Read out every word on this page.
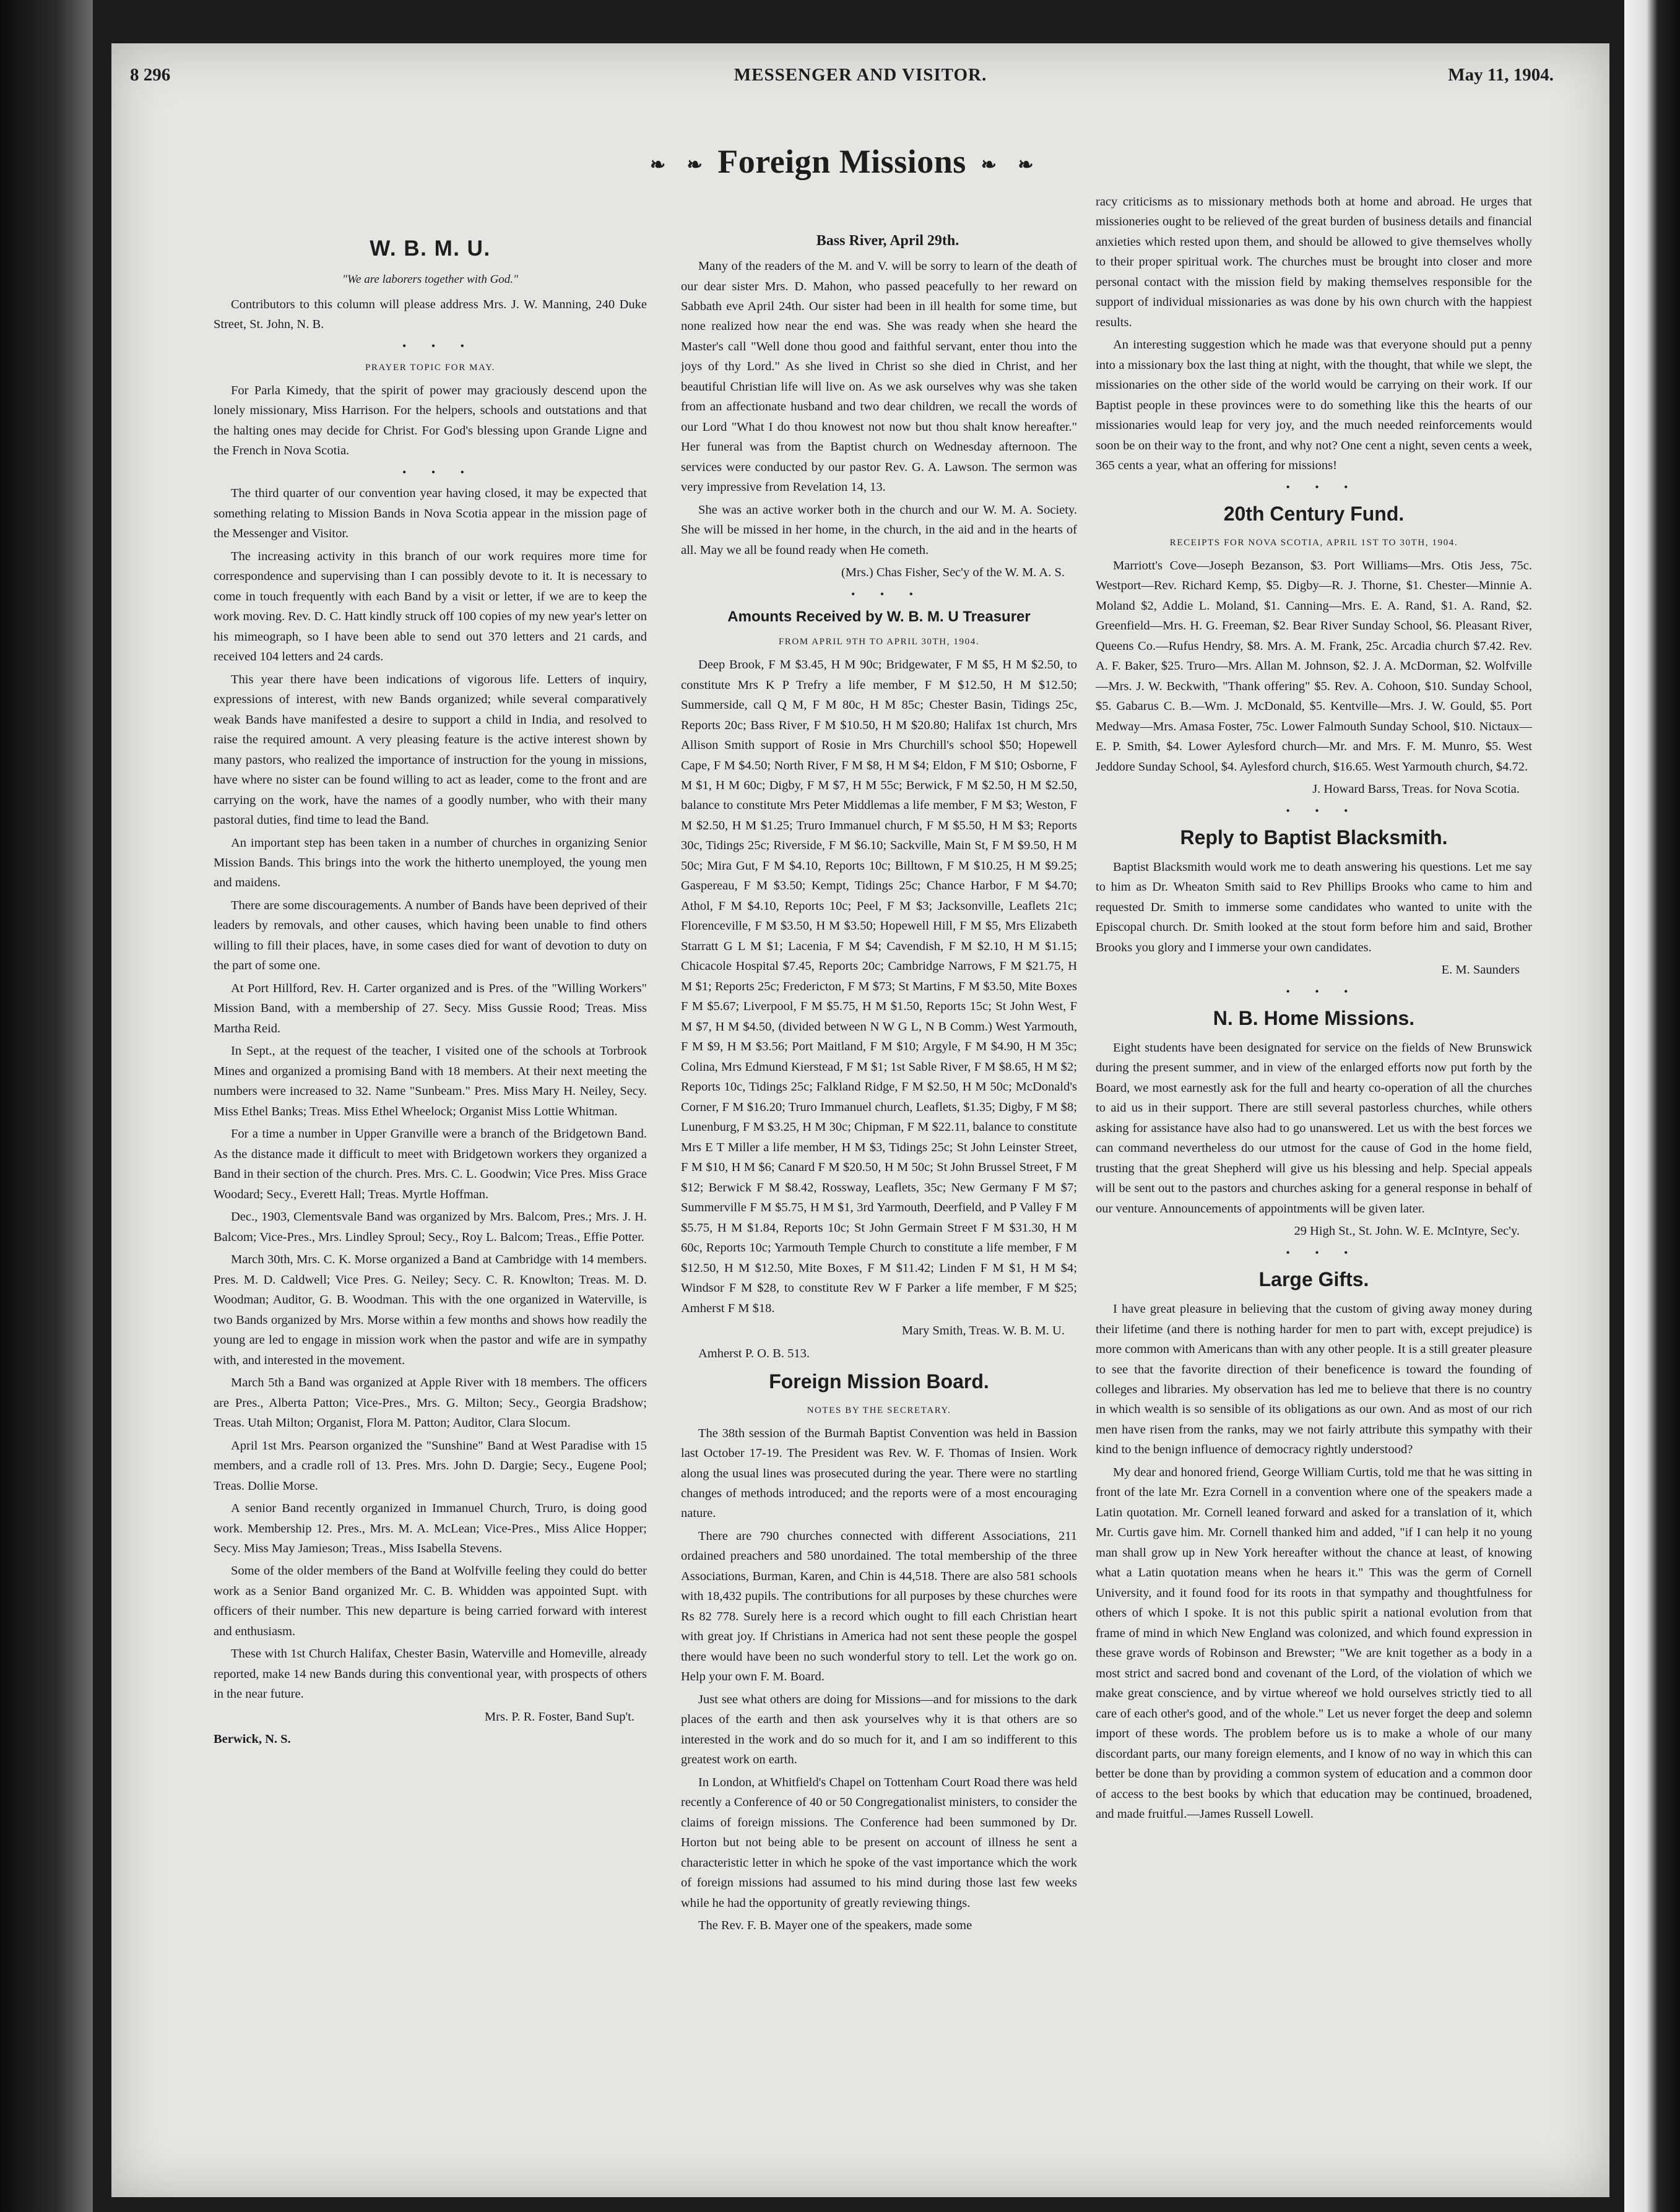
8 296	MESSENGER AND VISITOR.	May 11, 1904.
❧ ❧ Foreign Missions ❧ ❧
W. B. M. U.

"We are laborers together with God."

Contributors to this column will please address Mrs. J. W. Manning, 240 Duke Street, St. John, N. B.

• • •

PRAYER TOPIC FOR MAY.

For Parla Kimedy, that the spirit of power may graciously descend upon the lonely missionary, Miss Harrison. For the helpers, schools and outstations and that the halting ones may decide for Christ. For God's blessing upon Grande Ligne and the French in Nova Scotia.

• • •

The third quarter of our convention year having closed, it may be expected that something relating to Mission Bands in Nova Scotia appear in the mission page of the Messenger and Visitor.

The increasing activity in this branch of our work requires more time for correspondence and supervising than I can possibly devote to it. It is necessary to come in touch frequently with each Band by a visit or letter, if we are to keep the work moving. Rev. D. C. Hatt kindly struck off 100 copies of my new year's letter on his mimeograph, so I have been able to send out 370 letters and 21 cards, and received 104 letters and 24 cards.

This year there have been indications of vigorous life. Letters of inquiry, expressions of interest, with new Bands organized; while several comparatively weak Bands have manifested a desire to support a child in India, and resolved to raise the required amount. A very pleasing feature is the active interest shown by many pastors, who realized the importance of instruction for the young in missions, have where no sister can be found willing to act as leader, come to the front and are carrying on the work, have the names of a goodly number, who with their many pastoral duties, find time to lead the Band.

An important step has been taken in a number of churches in organizing Senior Mission Bands. This brings into the work the hitherto unemployed, the young men and maidens.

There are some discouragements. A number of Bands have been deprived of their leaders by removals, and other causes, which having been unable to find others willing to fill their places, have, in some cases died for want of devotion to duty on the part of some one.

At Port Hillford, Rev. H. Carter organized and is Pres. of the "Willing Workers" Mission Band, with a membership of 27. Secy. Miss Gussie Rood; Treas. Miss Martha Reid.

In Sept., at the request of the teacher, I visited one of the schools at Torbrook Mines and organized a promising Band with 18 members. At their next meeting the numbers were increased to 32. Name "Sunbeam." Pres. Miss Mary H. Neiley, Secy. Miss Ethel Banks; Treas. Miss Ethel Wheelock; Organist Miss Lottie Whitman.

For a time a number in Upper Granville were a branch of the Bridgetown Band. As the distance made it difficult to meet with Bridgetown workers they organized a Band in their section of the church. Pres. Mrs. C. L. Goodwin; Vice Pres. Miss Grace Woodard; Secy., Everett Hall; Treas. Myrtle Hoffman.

Dec., 1903, Clementsvale Band was organized by Mrs. Balcom, Pres.; Mrs. J. H. Balcom; Vice-Pres., Mrs. Lindley Sproul; Secy., Roy L. Balcom; Treas., Effie Potter.

March 30th, Mrs. C. K. Morse organized a Band at Cambridge with 14 members. Pres. M. D. Caldwell; Vice Pres. G. Neiley; Secy. C. R. Knowlton; Treas. M. D. Woodman; Auditor, G. B. Woodman. This with the one organized in Waterville, is two Bands organized by Mrs. Morse within a few months and shows how readily the young are led to engage in mission work when the pastor and wife are in sympathy with, and interested in the movement.

March 5th a Band was organized at Apple River with 18 members. The officers are Pres., Alberta Patton; Vice-Pres., Mrs. G. Milton; Secy., Georgia Bradshow; Treas. Utah Milton; Organist, Flora M. Patton; Auditor, Clara Slocum.

April 1st Mrs. Pearson organized the "Sunshine" Band at West Paradise with 15 members, and a cradle roll of 13. Pres. Mrs. John D. Dargie; Secy., Eugene Pool; Treas. Dollie Morse.

A senior Band recently organized in Immanuel Church, Truro, is doing good work. Membership 12. Pres., Mrs. M. A. McLean; Vice-Pres., Miss Alice Hopper; Secy. Miss May Jamieson; Treas., Miss Isabella Stevens.

Some of the older members of the Band at Wolfville feeling they could do better work as a Senior Band organized Mr. C. B. Whidden was appointed Supt. with officers of their number. This new departure is being carried forward with interest and enthusiasm.

These with 1st Church Halifax, Chester Basin, Waterville and Homeville, already reported, make 14 new Bands during this conventional year, with prospects of others in the near future.

Mrs. P. R. Foster, Band Sup't.

Berwick, N. S.

Bass River, April 29th.

Many of the readers of the M. and V. will be sorry to learn of the death of our dear sister Mrs. D. Mahon, who passed peacefully to her reward on Sabbath eve April 24th. Our sister had been in ill health for some time, but none realized how near the end was. She was ready when she heard the Master's call "Well done thou good and faithful servant, enter thou into the joys of thy Lord." As she lived in Christ so she died in Christ, and her beautiful Christian life will live on. As we ask ourselves why was she taken from an affectionate husband and two dear children, we recall the words of our Lord "What I do thou knowest not now but thou shalt know hereafter." Her funeral was from the Baptist church on Wednesday afternoon. The services were conducted by our pastor Rev. G. A. Lawson. The sermon was very impressive from Revelation 14, 13.

She was an active worker both in the church and our W. M. A. Society. She will be missed in her home, in the church, in the aid and in the hearts of all. May we all be found ready when He cometh.

(Mrs.) Chas Fisher, Sec'y of the W. M. A. S.

• • •

Amounts Received by W. B. M. U Treasurer

FROM APRIL 9TH TO APRIL 30TH, 1904.

Deep Brook, F M $3.45, H M 90c; Bridgewater, F M $5, H M $2.50, to constitute Mrs K P Trefry a life member, F M $12.50, H M $12.50; Summerside, call Q M, F M 80c, H M 85c; Chester Basin, Tidings 25c, Reports 20c; Bass River, F M $10.50, H M $20.80; Halifax 1st church, Mrs Allison Smith support of Rosie in Mrs Churchill's school $50; Hopewell Cape, F M $4.50; North River, F M $8, H M $4; Eldon, F M $10; Osborne, F M $1, H M 60c; Digby, F M $7, H M 55c; Berwick, F M $2.50, H M $2.50, balance to constitute Mrs Peter Middlemas a life member, F M $3; Weston, F M $2.50, H M $1.25; Truro Immanuel church, F M $5.50, H M $3; Reports 30c, Tidings 25c; Riverside, F M $6.10; Sackville, Main St, F M $9.50, H M 50c; Mira Gut, F M $4.10, Reports 10c; Billtown, F M $10.25, H M $9.25; Gaspereau, F M $3.50; Kempt, Tidings 25c; Chance Harbor, F M $4.70; Athol, F M $4.10, Reports 10c; Peel, F M $3; Jacksonville, Leaflets 21c; Florenceville, F M $3.50, H M $3.50; Hopewell Hill, F M $5, Mrs Elizabeth Starratt G L M $1; Lacenia, F M $4; Cavendish, F M $2.10, H M $1.15; Chicacole Hospital $7.45, Reports 20c; Cambridge Narrows, F M $21.75, H M $1; Reports 25c; Fredericton, F M $73; St Martins, F M $3.50, Mite Boxes F M $5.67; Liverpool, F M $5.75, H M $1.50, Reports 15c; St John West, F M $7, H M $4.50, (divided between N W G L, N B Comm.) West Yarmouth, F M $9, H M $3.56; Port Maitland, F M $10; Argyle, F M $4.90, H M 35c; Colina, Mrs Edmund Kierstead, F M $1; 1st Sable River, F M $8.65, H M $2; Reports 10c, Tidings 25c; Falkland Ridge, F M $2.50, H M 50c; McDonald's Corner, F M $16.20; Truro Immanuel church, Leaflets, $1.35; Digby, F M $8; Lunenburg, F M $3.25, H M 30c; Chipman, F M $22.11, balance to constitute Mrs E T Miller a life member, H M $3, Tidings 25c; St John Leinster Street, F M $10, H M $6; Canard F M $20.50, H M 50c; St John Brussel Street, F M $12; Berwick F M $8.42, Rossway, Leaflets, 35c; New Germany F M $7; Summerville F M $5.75, H M $1, 3rd Yarmouth, Deerfield, and P Valley F M $5.75, H M $1.84, Reports 10c; St John Germain Street F M $31.30, H M 60c, Reports 10c; Yarmouth Temple Church to constitute a life member, F M $12.50, H M $12.50, Mite Boxes, F M $11.42; Linden F M $1, H M $4; Windsor F M $28, to constitute Rev W F Parker a life member, F M $25; Amherst F M $18.

Mary Smith, Treas. W. B. M. U.

Amherst P. O. B. 513.

Foreign Mission Board.

NOTES BY THE SECRETARY.

The 38th session of the Burmah Baptist Convention was held in Bassion last October 17-19. The President was Rev. W. F. Thomas of Insien. Work along the usual lines was prosecuted during the year. There were no startling changes of methods introduced; and the reports were of a most encouraging nature.

There are 790 churches connected with different Associations, 211 ordained preachers and 580 unordained. The total membership of the three Associations, Burman, Karen, and Chin is 44,518. There are also 581 schools with 18,432 pupils. The contributions for all purposes by these churches were Rs 82 778. Surely here is a record which ought to fill each Christian heart with great joy. If Christians in America had not sent these people the gospel there would have been no such wonderful story to tell. Let the work go on. Help your own F. M. Board.

Just see what others are doing for Missions—and for missions to the dark places of the earth and then ask yourselves why it is that others are so interested in the work and do so much for it, and I am so indifferent to this greatest work on earth.

In London, at Whitfield's Chapel on Tottenham Court Road there was held recently a Conference of 40 or 50 Congregationalist ministers, to consider the claims of foreign missions. The Conference had been summoned by Dr. Horton but not being able to be present on account of illness he sent a characteristic letter in which he spoke of the vast importance which the work of foreign missions had assumed to his mind during those last few weeks while he had the opportunity of greatly reviewing things.

The Rev. F. B. Mayer one of the speakers, made some

racy criticisms as to missionary methods both at home and abroad. He urges that missioneries ought to be relieved of the great burden of business details and financial anxieties which rested upon them, and should be allowed to give themselves wholly to their proper spiritual work. The churches must be brought into closer and more personal contact with the mission field by making themselves responsible for the support of individual missionaries as was done by his own church with the happiest results.

An interesting suggestion which he made was that everyone should put a penny into a missionary box the last thing at night, with the thought, that while we slept, the missionaries on the other side of the world would be carrying on their work. If our Baptist people in these provinces were to do something like this the hearts of our missionaries would leap for very joy, and the much needed reinforcements would soon be on their way to the front, and why not? One cent a night, seven cents a week, 365 cents a year, what an offering for missions!

• • •

20th Century Fund.

RECEIPTS FOR NOVA SCOTIA, APRIL 1ST TO 30TH, 1904.

Marriott's Cove—Joseph Bezanson, $3. Port Williams—Mrs. Otis Jess, 75c. Westport—Rev. Richard Kemp, $5. Digby—R. J. Thorne, $1. Chester—Minnie A. Moland $2, Addie L. Moland, $1. Canning—Mrs. E. A. Rand, $1. A. Rand, $2. Greenfield—Mrs. H. G. Freeman, $2. Bear River Sunday School, $6. Pleasant River, Queens Co.—Rufus Hendry, $8. Mrs. A. M. Frank, 25c. Arcadia church $7.42. Rev. A. F. Baker, $25. Truro—Mrs. Allan M. Johnson, $2. J. A. McDorman, $2. Wolfville—Mrs. J. W. Beckwith, "Thank offering" $5. Rev. A. Cohoon, $10. Sunday School, $5. Gabarus C. B.—Wm. J. McDonald, $5. Kentville—Mrs. J. W. Gould, $5. Port Medway—Mrs. Amasa Foster, 75c. Lower Falmouth Sunday School, $10. Nictaux—E. P. Smith, $4. Lower Aylesford church—Mr. and Mrs. F. M. Munro, $5. West Jeddore Sunday School, $4. Aylesford church, $16.65. West Yarmouth church, $4.72.

J. Howard Barss, Treas. for Nova Scotia.

• • •

Reply to Baptist Blacksmith.

Baptist Blacksmith would work me to death answering his questions. Let me say to him as Dr. Wheaton Smith said to Rev Phillips Brooks who came to him and requested Dr. Smith to immerse some candidates who wanted to unite with the Episcopal church. Dr. Smith looked at the stout form before him and said, Brother Brooks you glory and I immerse your own candidates.

E. M. Saunders

• • •

N. B. Home Missions.

Eight students have been designated for service on the fields of New Brunswick during the present summer, and in view of the enlarged efforts now put forth by the Board, we most earnestly ask for the full and hearty co-operation of all the churches to aid us in their support. There are still several pastorless churches, while others asking for assistance have also had to go unanswered. Let us with the best forces we can command nevertheless do our utmost for the cause of God in the home field, trusting that the great Shepherd will give us his blessing and help. Special appeals will be sent out to the pastors and churches asking for a general response in behalf of our venture. Announcements of appointments will be given later.

29 High St., St. John. W. E. McIntyre, Sec'y.

• • •

Large Gifts.

I have great pleasure in believing that the custom of giving away money during their lifetime (and there is nothing harder for men to part with, except prejudice) is more common with Americans than with any other people. It is a still greater pleasure to see that the favorite direction of their beneficence is toward the founding of colleges and libraries. My observation has led me to believe that there is no country in which wealth is so sensible of its obligations as our own. And as most of our rich men have risen from the ranks, may we not fairly attribute this sympathy with their kind to the benign influence of democracy rightly understood?

My dear and honored friend, George William Curtis, told me that he was sitting in front of the late Mr. Ezra Cornell in a convention where one of the speakers made a Latin quotation. Mr. Cornell leaned forward and asked for a translation of it, which Mr. Curtis gave him. Mr. Cornell thanked him and added, "if I can help it no young man shall grow up in New York hereafter without the chance at least, of knowing what a Latin quotation means when he hears it." This was the germ of Cornell University, and it found food for its roots in that sympathy and thoughtfulness for others of which I spoke. It is not this public spirit a national evolution from that frame of mind in which New England was colonized, and which found expression in these grave words of Robinson and Brewster; "We are knit together as a body in a most strict and sacred bond and covenant of the Lord, of the violation of which we make great conscience, and by virtue whereof we hold ourselves strictly tied to all care of each other's good, and of the whole." Let us never forget the deep and solemn import of these words. The problem before us is to make a whole of our many discordant parts, our many foreign elements, and I know of no way in which this can better be done than by providing a common system of education and a common door of access to the best books by which that education may be continued, broadened, and made fruitful.—James Russell Lowell.
